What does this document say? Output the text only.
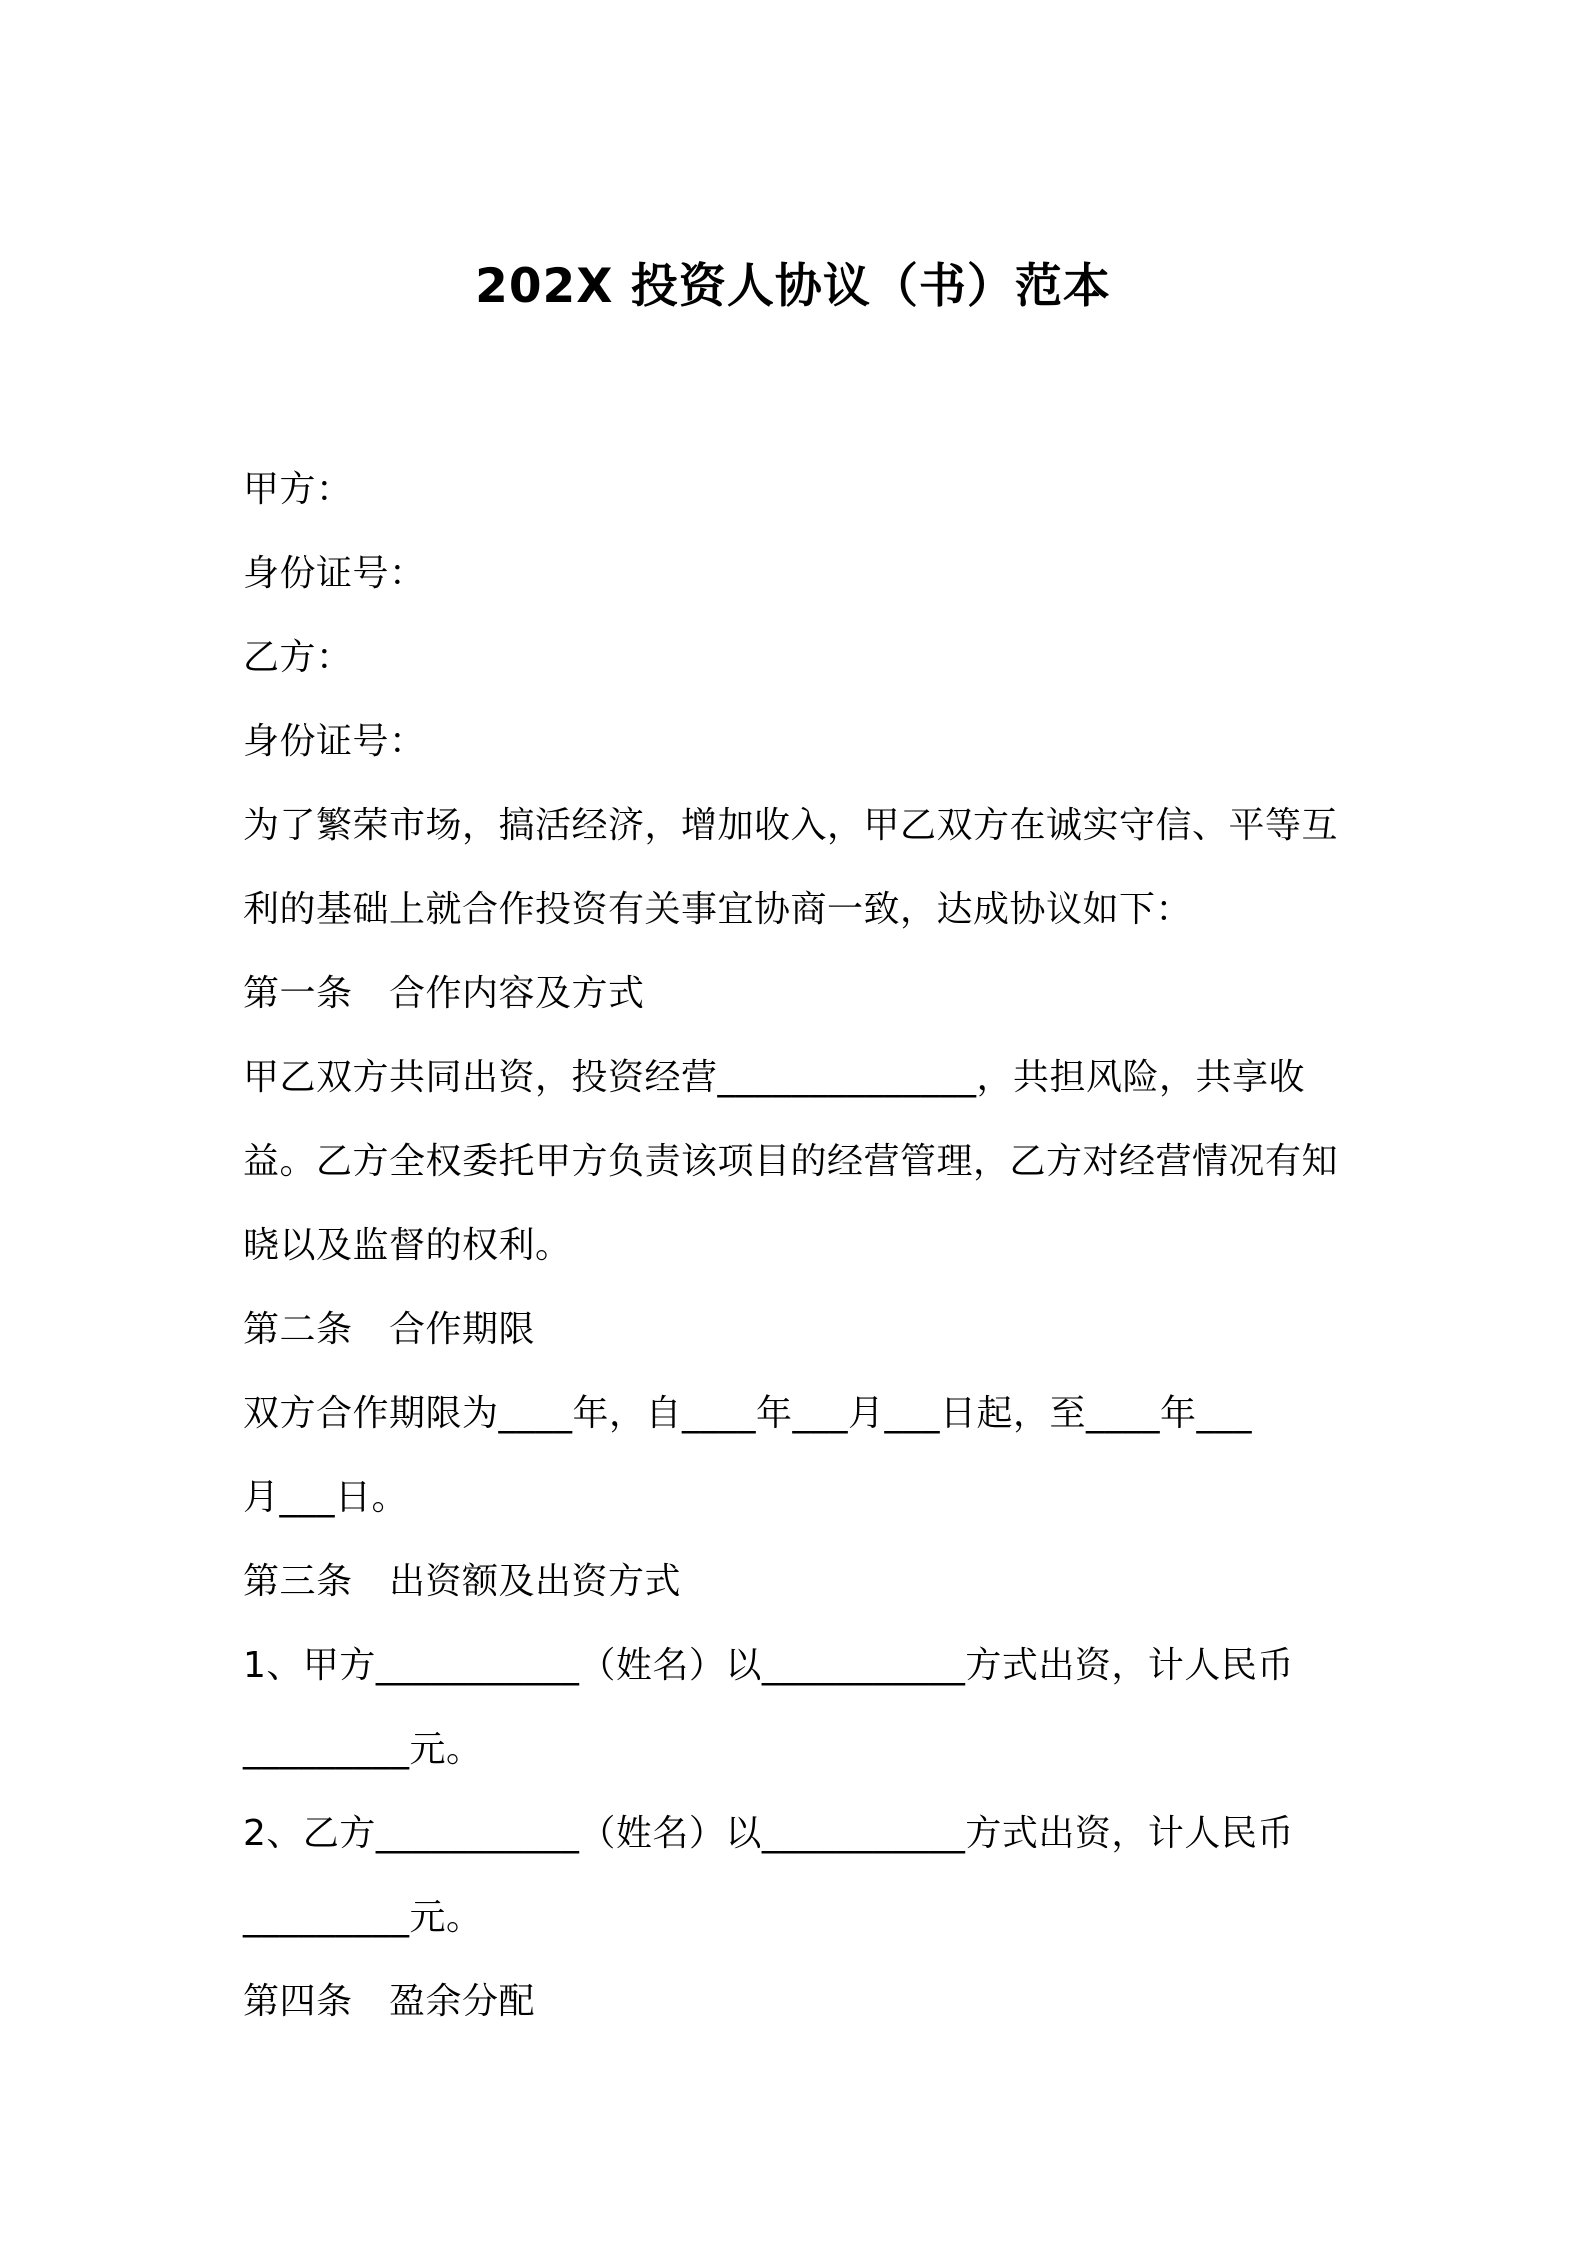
202X 投资人协议（书）范本
甲方：
身份证号：
乙方：
身份证号：
为了繁荣市场，搞活经济，增加收入，甲乙双方在诚实守信、平等互
利的基础上就合作投资有关事宜协商一致，达成协议如下：
第一条　合作内容及方式
甲乙双方共同出资，投资经营______________，共担风险，共享收
益。乙方全权委托甲方负责该项目的经营管理，乙方对经营情况有知
晓以及监督的权利。
第二条　合作期限
双方合作期限为____年，自____年___月___日起，至____年___
月___日。
第三条　出资额及出资方式
1、甲方___________（姓名）以___________方式出资，计人民币
_________元。
2、乙方___________（姓名）以___________方式出资，计人民币
_________元。
第四条　盈余分配
